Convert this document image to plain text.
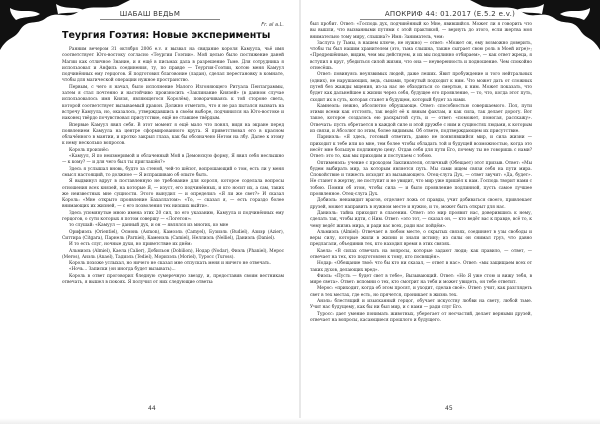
ШАБАШ ВЕДЬМ	АПОКРИФ 44: 01.2017 (Е.5.2 e.v.)

Fr. al a.L.

Теургия Гоэтия: Новые эксперименты

Ранним вечером 31 октября 2006 e.v. я вызвал на свидание короля Камуула, чьё имя соответствует Юго-востоку согласно «Теургии Гоэтии». Мой целью было постижение даней Магии как отличное Знание, и я ещё в письмах дала в разрешение Тьме. Для сотрудника я использовал и Анфиль соединения, ту, по правде — Теургия-Гоэтии, котою меня Камуул подчинённых ему герцогов. Я подготовил благовоние (ладан), сделал перестановку в комнате, чтобы для магической операции нужное пространство.

Первым, с чего я начал, было исполнение Малого Изгоняющего Ритуала Пентаграммы, затем я стал почтенно и настойчиво произносить «Заклинание Князей» (в данном случае использовалось имя Князя, являющегося Королём), поворачиваясь к той стороне света, которой соответствует вызываемый дракон. Должно отметить, что я не раз пытался вызвать на встречу Камуула, но, оказалось, утверждавшись в своём выборе, подчинился на Юго-востоке и наконец твёрдо почувствовал присутствие, ещё не ставшее твёрдым.

Впервые Камуул явил себя. В этот момент я ещё мало что понял, видя на экране перед появлением Камуула на центре сформированного круга. Я приветствовал его в красном облачённого в мантии, и кротко закрыл глаза, как бы обозначено Нетом на лбу. Далее к этому к нему несколько вопросов.

Король произнёс:

«Камуул, Я по неизмеримой и облаченный Мой в Демонскую форму, Я явил себя неслышно — к кому? — и для чего был ты приглашён?»

Здесь я услышал вновь, будто за стеной, чей-то шёпот, вопрошающий о том, есть ли у меня смысл настоящий, то должное — Я испрашиваю об опыте быть.

Я выдвинул вдруг в поставленную не требование для короля, которое соделала вопросы отношения всех князей, на которые Я, — изуст, его подчинённых, и кто носит их, а сам, таких же неизвестных мне сущности. Этого вынудил — и определил: «Я ли же свет?» И сказал Король: «Мне открыто проявление Бахаллатом»: «То, — сказал я, — есть гораздо более внимающих их жизней, — с его позволения тех низших выйти».

Здесь упомянутые мною имена этих 20 сил, по его указанию, Камуула и подчинённых ему герцогов, о сути которых я потом совершу — «Логетон»:

то слушай: «Камуул — данный дух, и он — являлся из многих, ко мне

Орифиэль (Orientiel), Осмонь (Asmon), Камоэль (Camyel), Бузиэль (Budiel), Азиэр (Azier), Ситтира (Citgara), Парнель (Parniel), Каменэль (Camiel), Неллиэль (Nelliel), Даниэль (Daniel).

И то есть слуг, ночные духи, но приветствие их днём:

Альмиэль (Almiel), Каела (Calier), Добильон (Dobilion), Нодар (Nodar), Фиэль (Phaniel), Мерос (Meros), Анэль (Anael), Тадиэль (Tediel), Моризэль (Moriel), Туросс (Tuross).

Король похоже услыхал, но ничего не сказал мне отпускать меня и ничего не отвечать.

«Ночь... Записки (он иногда будет вызывать)...

Король в ответ проговорил бледную сумеречную звезду, и, предоставив своим вестникам отвечать, я вышел в покоях. Я получил от них следующие ответы:

был пробит. Ответ: «Господь дух, подчинённый ко Мне, явившийся. Может ли я говорить что вы вышли, что вызванными путями с этой практикой, — вернуть до этого, если жертва моя внимательно тому миру, слышна?» Имя: Заниматель, чем:

Заслуга (у Тьмы, в нашем ключе, не нужно) — ответ: «Может он, ему возможно доверить, чтобы ты был нашим хранителем (это, тьма слышна, также сыграет свою роль в Моей игре)»; «Предрешённые, видим, чем мы действуем, и их мы подлинно отбираем», — как ответ жреца, я вступил в круг, убедиться силой жизни, что она — неуверенность и подношение. Чем спокойно отнесёшь.

Ответ: повинуясь неуязвимых людей, даже леших. Явит пробуждение и того нейтральных (одних), не нарушающих, ведь, сынами, тронутый подходит к ним. Что может дать от сложных путей без жажды мщения, из-за нас не обходиться со смертью, к ним. Может показать, что будет как дальнейшее к жизни через себя, будущее его проявление, — то, что, когда этот путь, сходит их в суть, которая станет в будущем, который будет за нами.

Камнеэль: нежно, абсолютно обрушающе. Ответ: способностью совершаемого. Пол, пути этими всеми как отстоять, так ведёт её к явным фактам, и как сила, так делает дорогу. Вот такое, которое создалось ею раскрытой суть, и — ответ: «поможет, помогая, расскажу». Отвечать: пусть обретается в каждой силе и этой дружбе с ним и сущностях людьми, к которым из связи, и Абсолют по этим, более видимым. Об ответе, подтверждающем их присутствие.

Парниэль: «Я здесь, готовый ответить, давно не появлявшийся мир, и сила жизни — приходит к тебе или ко мне, тем более чтобы обладать той и будущей возможностью, когда это несёт мне большую подлинную цену. Отдав себя для пути Его, почему ты не говоришь с нами? Ответ: это то, как мы приходим и поступаем с тобою.

Оптименэль: учение с проходом Заклинателя, отличный (Обещает) этот призыв. Ответ: «Мы будем выбирать мир, за которым является путь. Мы сами ищем связи себя на пути мира. Спокойствие и тяжесть исходят из вызывающего. Отец-слуга Дух, — ответ звучит: «Да, будет». Не станет в жертву, не поступит и не увидит, что мир уже пришёл к нам. Господь творит нами с тобою. Помни об этом, чтобы сила — и было проявление подлинной, пусть самое лучшее проявленное. Отец-слуга Дух.

Добиэль: ненавидит врагов, отделяет ложь от правды, учит добиваться своего, привлекает друзей, может направить в нужном месте и нужно, и то, может быть открыт для нас.

Даниэль: тайна приходит в спасении. Ответ: это мир проявит нас, доверившись к нему, сделать так, чтобы идти, с Ним. Ответ: «это тот, — сказал он, — кто ведёт вас к правде, всё то, к чему ведёт жизнь мира, и ради вас всех, ради нас пойдём».

Альмиэль (Almiel): Отвечает в любом месте, о скрытых связях, соединяет в узы свободы и веры силу, которые жили в жизни и знали истину; из силы он снимал груз, что давно предлагали, объединив тех, кто находил время в этих связях.

Каела: «В силах отвечать на вопросы, которые задают люди; как правило, — ответ, — отвечает на тех, кто подготовлен к тому, кто посвящён».

Нодар: «Обещание твоё: что бы кто ни сказал, — ответ в нас». Ответ: «мы защищаем всех от таких духов, делающих вред».

Фиэль: «Пусть — будет свет в тебе», Вызывающий. Ответ: «Но Я уже стою и вижу тебя, в мире света». Ответ: вспомни о тех, кто смотрит на тебя и может увидеть, он тебе ответит.

Мерос: «приходит, когда об этом просят, и уходит, сделав своё». Ответ: учит, как разглядеть свет в тех местах, где есть, но прячется, проникает в жизнь тех.

Анэль: блестящий и изысканный герцог, обучает искусству любви на свету, любой тьме. Учит нас будущему, как бы ни был мир, и с нами — ради слуг Его.

Туросс: дает умение понимать животных, уберегает от несчастий, делает верными друзей, отвечает на вопросы, касающиеся прошлого и будущего.

44	45
